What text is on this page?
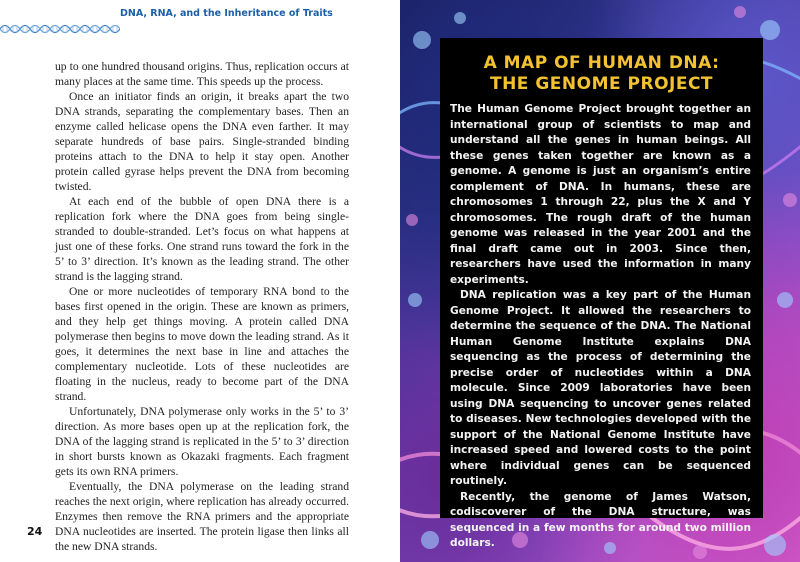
DNA, RNA, and the Inheritance of Traits

up to one hundred thousand origins. Thus, replication occurs at many places at the same time. This speeds up the process.

Once an initiator finds an origin, it breaks apart the two DNA strands, separating the complementary bases. Then an enzyme called helicase opens the DNA even farther. It may separate hundreds of base pairs. Single-stranded binding proteins attach to the DNA to help it stay open. Another protein called gyrase helps prevent the DNA from becoming twisted.

At each end of the bubble of open DNA there is a replication fork where the DNA goes from being single-stranded to double-stranded. Let’s focus on what happens at just one of these forks. One strand runs toward the fork in the 5’ to 3’ direction. It’s known as the leading strand. The other strand is the lagging strand.

One or more nucleotides of temporary RNA bond to the bases first opened in the origin. These are known as primers, and they help get things moving. A protein called DNA polymerase then begins to move down the leading strand. As it goes, it determines the next base in line and attaches the complementary nucleotide. Lots of these nucleotides are floating in the nucleus, ready to become part of the DNA strand.

Unfortunately, DNA polymerase only works in the 5’ to 3’ direction. As more bases open up at the replication fork, the DNA of the lagging strand is replicated in the 5’ to 3’ direction in short bursts known as Okazaki fragments. Each fragment gets its own RNA primers.

Eventually, the DNA polymerase on the leading strand reaches the next origin, where replication has already occurred. Enzymes then remove the RNA primers and the appropriate DNA nucleotides are inserted. The protein ligase then links all the new DNA strands.

24
A MAP OF HUMAN DNA:
THE GENOME PROJECT

The Human Genome Project brought together an international group of scientists to map and understand all the genes in human beings. All these genes taken together are known as a genome. A genome is just an organism’s entire complement of DNA. In humans, these are chromosomes 1 through 22, plus the X and Y chromosomes. The rough draft of the human genome was released in the year 2001 and the final draft came out in 2003. Since then, researchers have used the information in many experiments.

DNA replication was a key part of the Human Genome Project. It allowed the researchers to determine the sequence of the DNA. The National Human Genome Institute explains DNA sequencing as the process of determining the precise order of nucleotides within a DNA molecule. Since 2009 laboratories have been using DNA sequencing to uncover genes related to diseases. New technologies developed with the support of the National Genome Institute have increased speed and lowered costs to the point where individual genes can be sequenced routinely.

Recently, the genome of James Watson, codiscoverer of the DNA structure, was sequenced in a few months for around two million dollars.
